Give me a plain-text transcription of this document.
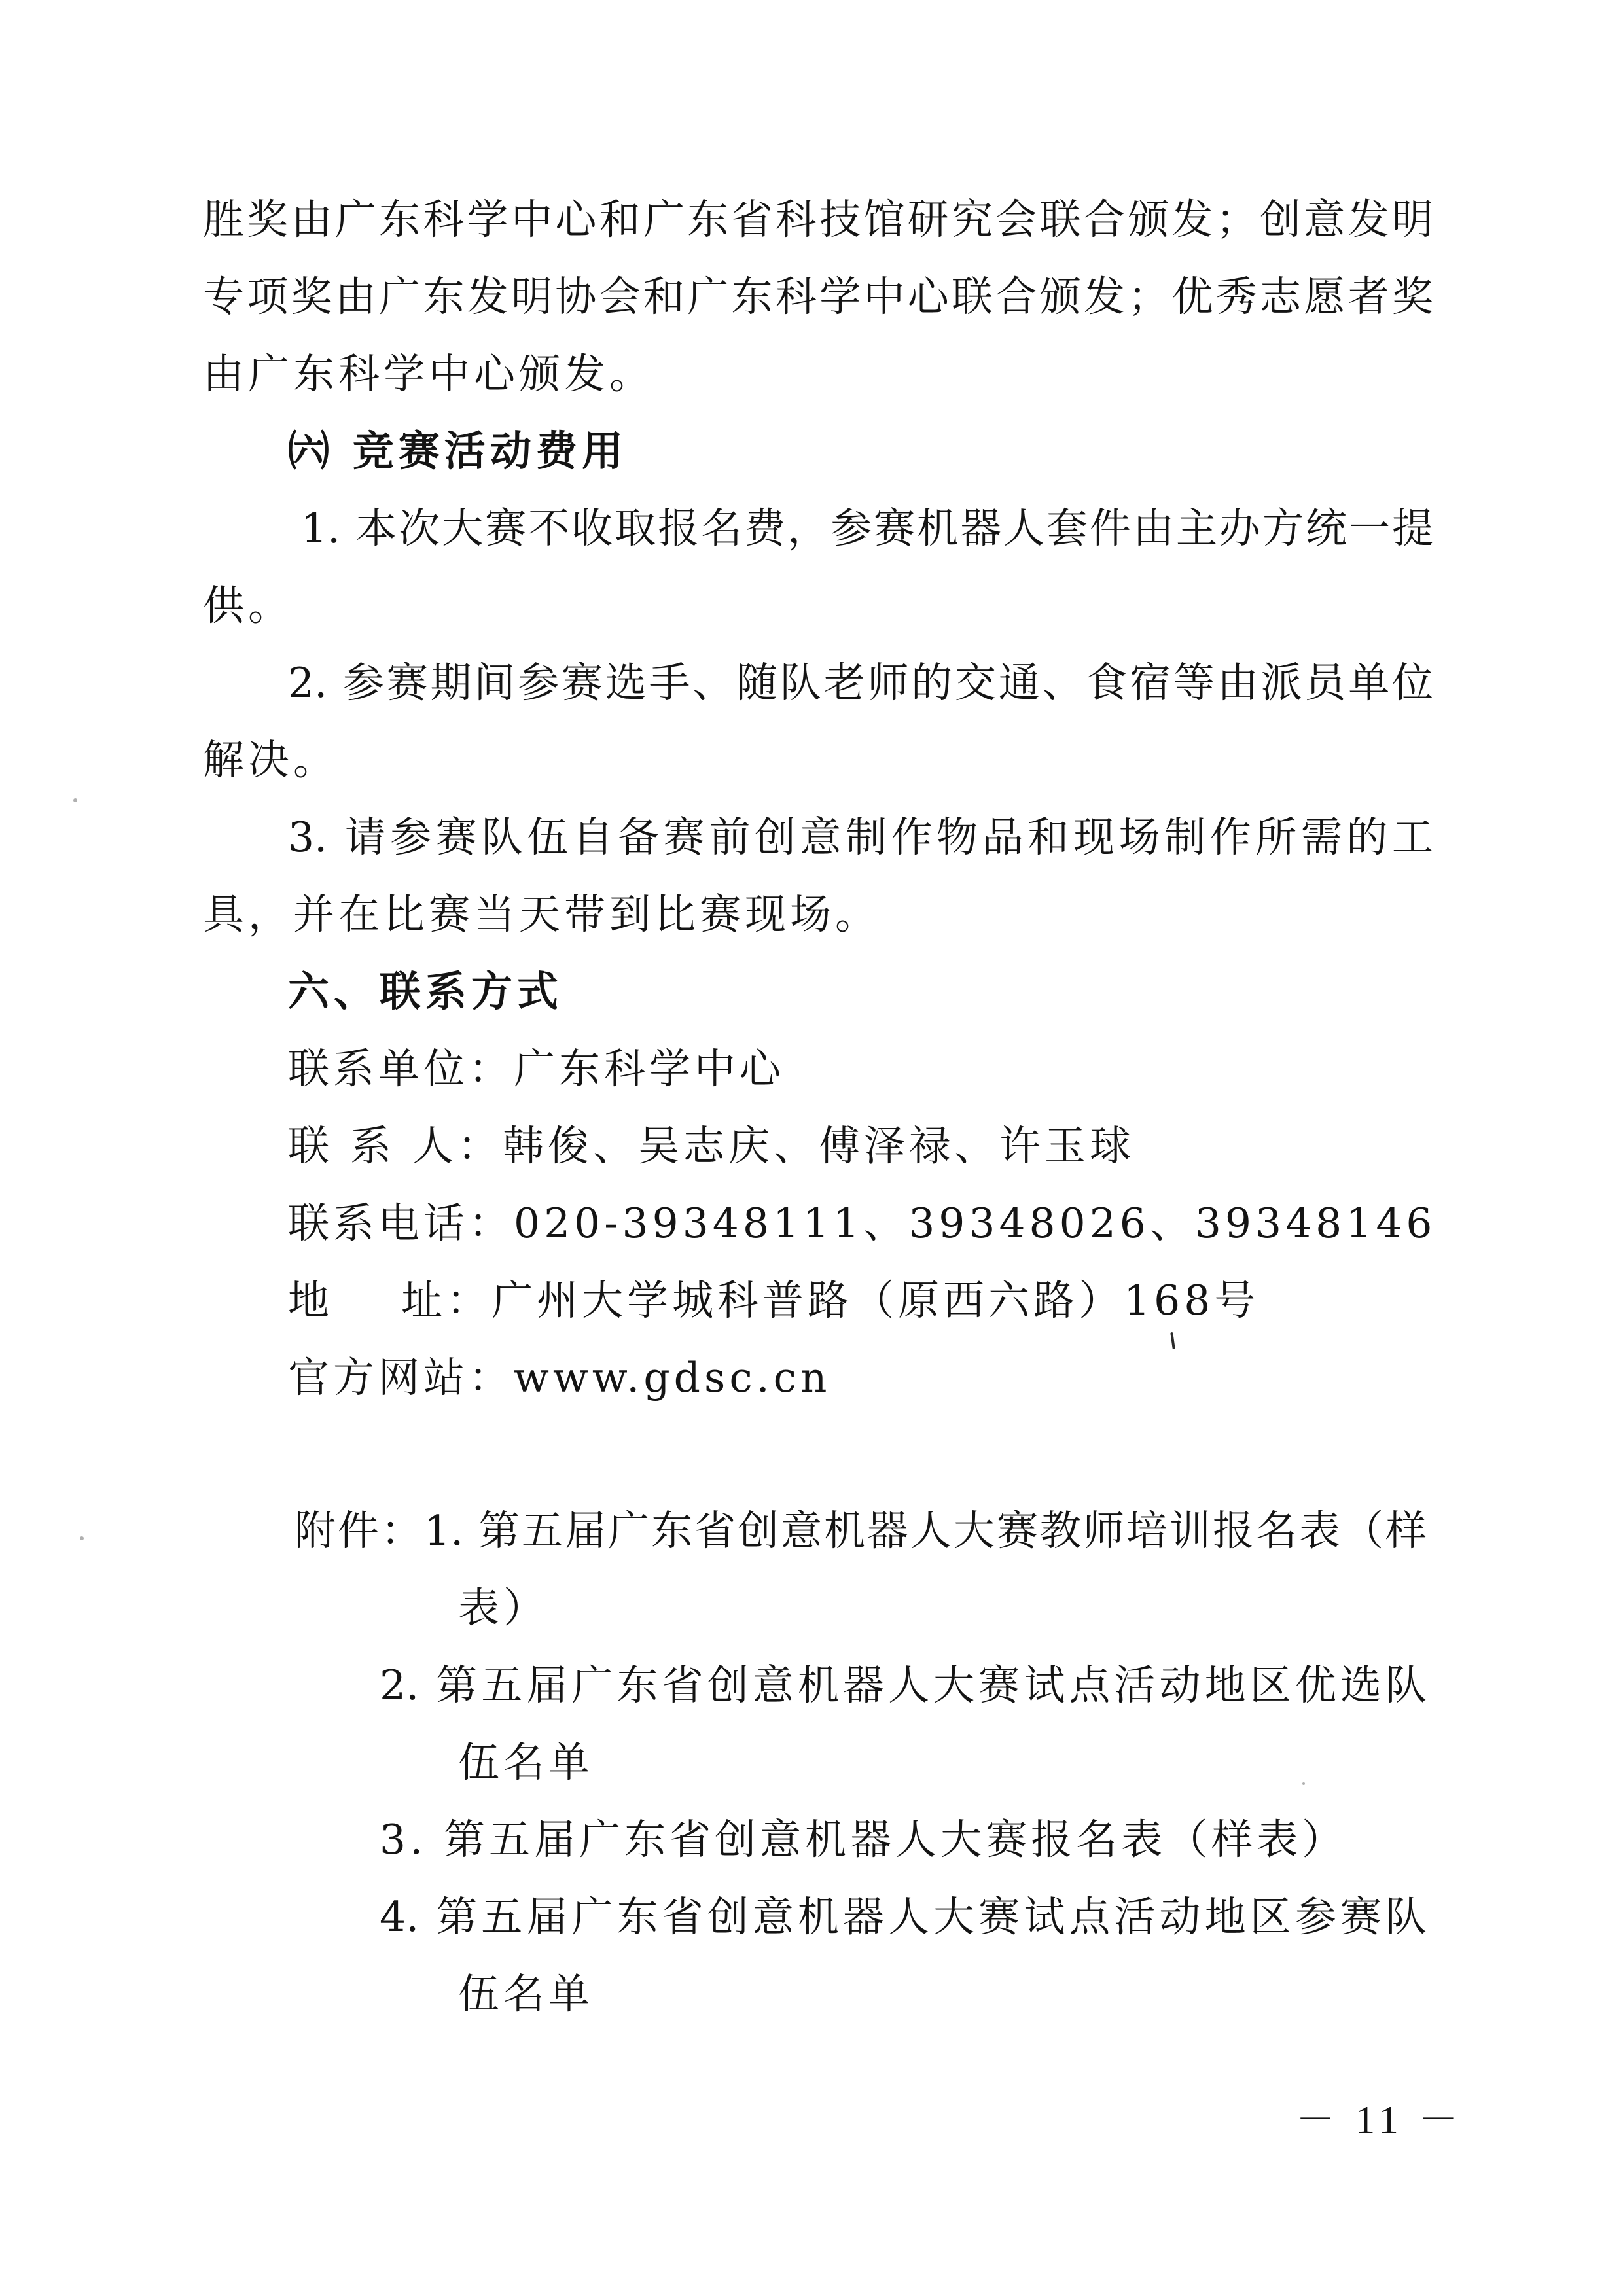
胜奖由广东科学中心和广东省科技馆研究会联合颁发；创意发明
专项奖由广东发明协会和广东科学中心联合颁发；优秀志愿者奖
由广东科学中心颁发。
㈥ 竞赛活动费用
1. 本次大赛不收取报名费，参赛机器人套件由主办方统一提
供。
2. 参赛期间参赛选手、随队老师的交通、食宿等由派员单位
解决。
3. 请参赛队伍自备赛前创意制作物品和现场制作所需的工
具，并在比赛当天带到比赛现场。
六、联系方式
联系单位：广东科学中心
联 系 人：韩俊、吴志庆、傅泽禄、许玉球
联系电话：020-39348111、39348026、39348146
地    址：广州大学城科普路（原西六路）168号
官方网站：www.gdsc.cn
附件：1. 第五届广东省创意机器人大赛教师培训报名表（样
表）
2. 第五届广东省创意机器人大赛试点活动地区优选队
伍名单
3. 第五届广东省创意机器人大赛报名表（样表）
4. 第五届广东省创意机器人大赛试点活动地区参赛队
伍名单
－ 11 －
